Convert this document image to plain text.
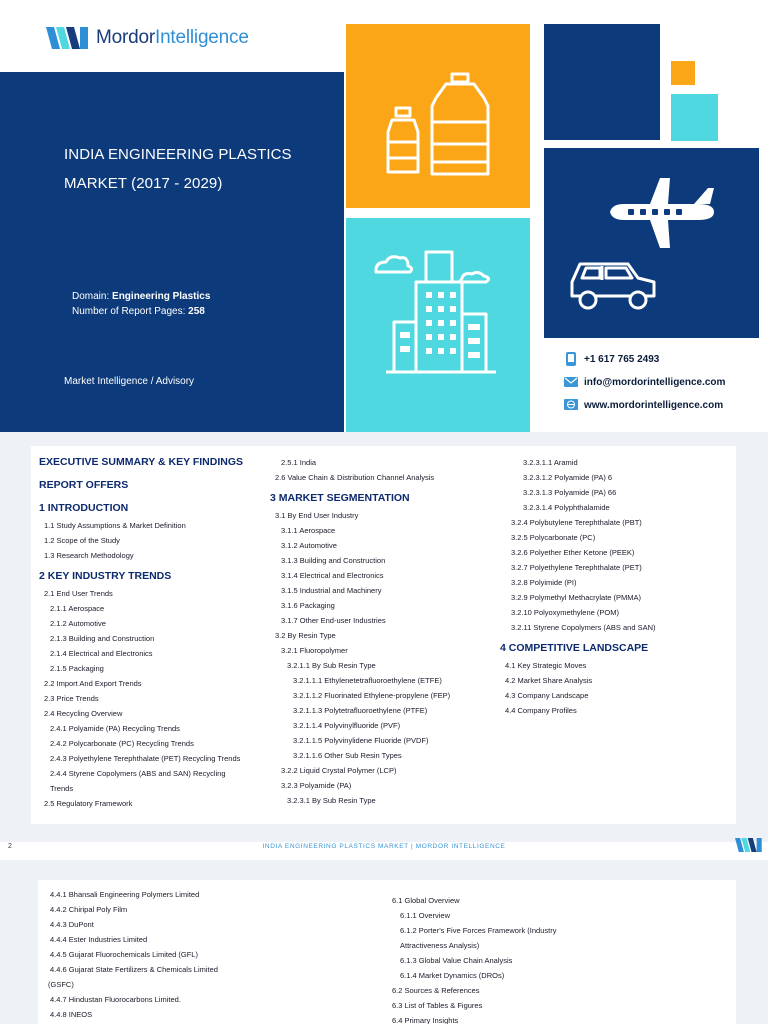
MordorIntelligence
INDIA ENGINEERING PLASTICS
MARKET (2017 - 2029)
Domain: Engineering Plastics
Number of Report Pages: 258
Market Intelligence / Advisory
+1 617 765 2493
info@mordorintelligence.com
www.mordorintelligence.com
EXECUTIVE SUMMARY & KEY FINDINGS
REPORT OFFERS
1 INTRODUCTION
1.1 Study Assumptions & Market Definition
1.2 Scope of the Study
1.3 Research Methodology
2 KEY INDUSTRY TRENDS
2.1 End User Trends
2.1.1 Aerospace
2.1.2 Automotive
2.1.3 Building and Construction
2.1.4 Electrical and Electronics
2.1.5 Packaging
2.2 Import And Export Trends
2.3 Price Trends
2.4 Recycling Overview
2.4.1 Polyamide (PA) Recycling Trends
2.4.2 Polycarbonate (PC) Recycling Trends
2.4.3 Polyethylene Terephthalate (PET) Recycling Trends
2.4.4 Styrene Copolymers (ABS and SAN) Recycling
Trends
2.5 Regulatory Framework
2.5.1 India
2.6 Value Chain & Distribution Channel Analysis
3 MARKET SEGMENTATION
3.1 By End User Industry
3.1.1 Aerospace
3.1.2 Automotive
3.1.3 Building and Construction
3.1.4 Electrical and Electronics
3.1.5 Industrial and Machinery
3.1.6 Packaging
3.1.7 Other End-user Industries
3.2 By Resin Type
3.2.1 Fluoropolymer
3.2.1.1 By Sub Resin Type
3.2.1.1.1 Ethylenetetrafluoroethylene (ETFE)
3.2.1.1.2 Fluorinated Ethylene-propylene (FEP)
3.2.1.1.3 Polytetrafluoroethylene (PTFE)
3.2.1.1.4 Polyvinylfluoride (PVF)
3.2.1.1.5 Polyvinylidene Fluoride (PVDF)
3.2.1.1.6 Other Sub Resin Types
3.2.2 Liquid Crystal Polymer (LCP)
3.2.3 Polyamide (PA)
3.2.3.1 By Sub Resin Type
3.2.3.1.1 Aramid
3.2.3.1.2 Polyamide (PA) 6
3.2.3.1.3 Polyamide (PA) 66
3.2.3.1.4 Polyphthalamide
3.2.4 Polybutylene Terephthalate (PBT)
3.2.5 Polycarbonate (PC)
3.2.6 Polyether Ether Ketone (PEEK)
3.2.7 Polyethylene Terephthalate (PET)
3.2.8 Polyimide (PI)
3.2.9 Polymethyl Methacrylate (PMMA)
3.2.10 Polyoxymethylene (POM)
3.2.11 Styrene Copolymers (ABS and SAN)
4 COMPETITIVE LANDSCAPE
4.1 Key Strategic Moves
4.2 Market Share Analysis
4.3 Company Landscape
4.4 Company Profiles
INDIA ENGINEERING PLASTICS MARKET | MORDOR INTELLIGENCE
2
4.4.1 Bhansali Engineering Polymers Limited
4.4.2 Chiripal Poly Film
4.4.3 DuPont
4.4.4 Ester Industries Limited
4.4.5 Gujarat Fluorochemicals Limited (GFL)
4.4.6 Gujarat State Fertilizers & Chemicals Limited
(GSFC)
4.4.7 Hindustan Fluorocarbons Limited.
4.4.8 INEOS
6.1 Global Overview
6.1.1 Overview
6.1.2 Porter's Five Forces Framework (Industry
Attractiveness Analysis)
6.1.3 Global Value Chain Analysis
6.1.4 Market Dynamics (DROs)
6.2 Sources & References
6.3 List of Tables & Figures
6.4 Primary Insights
